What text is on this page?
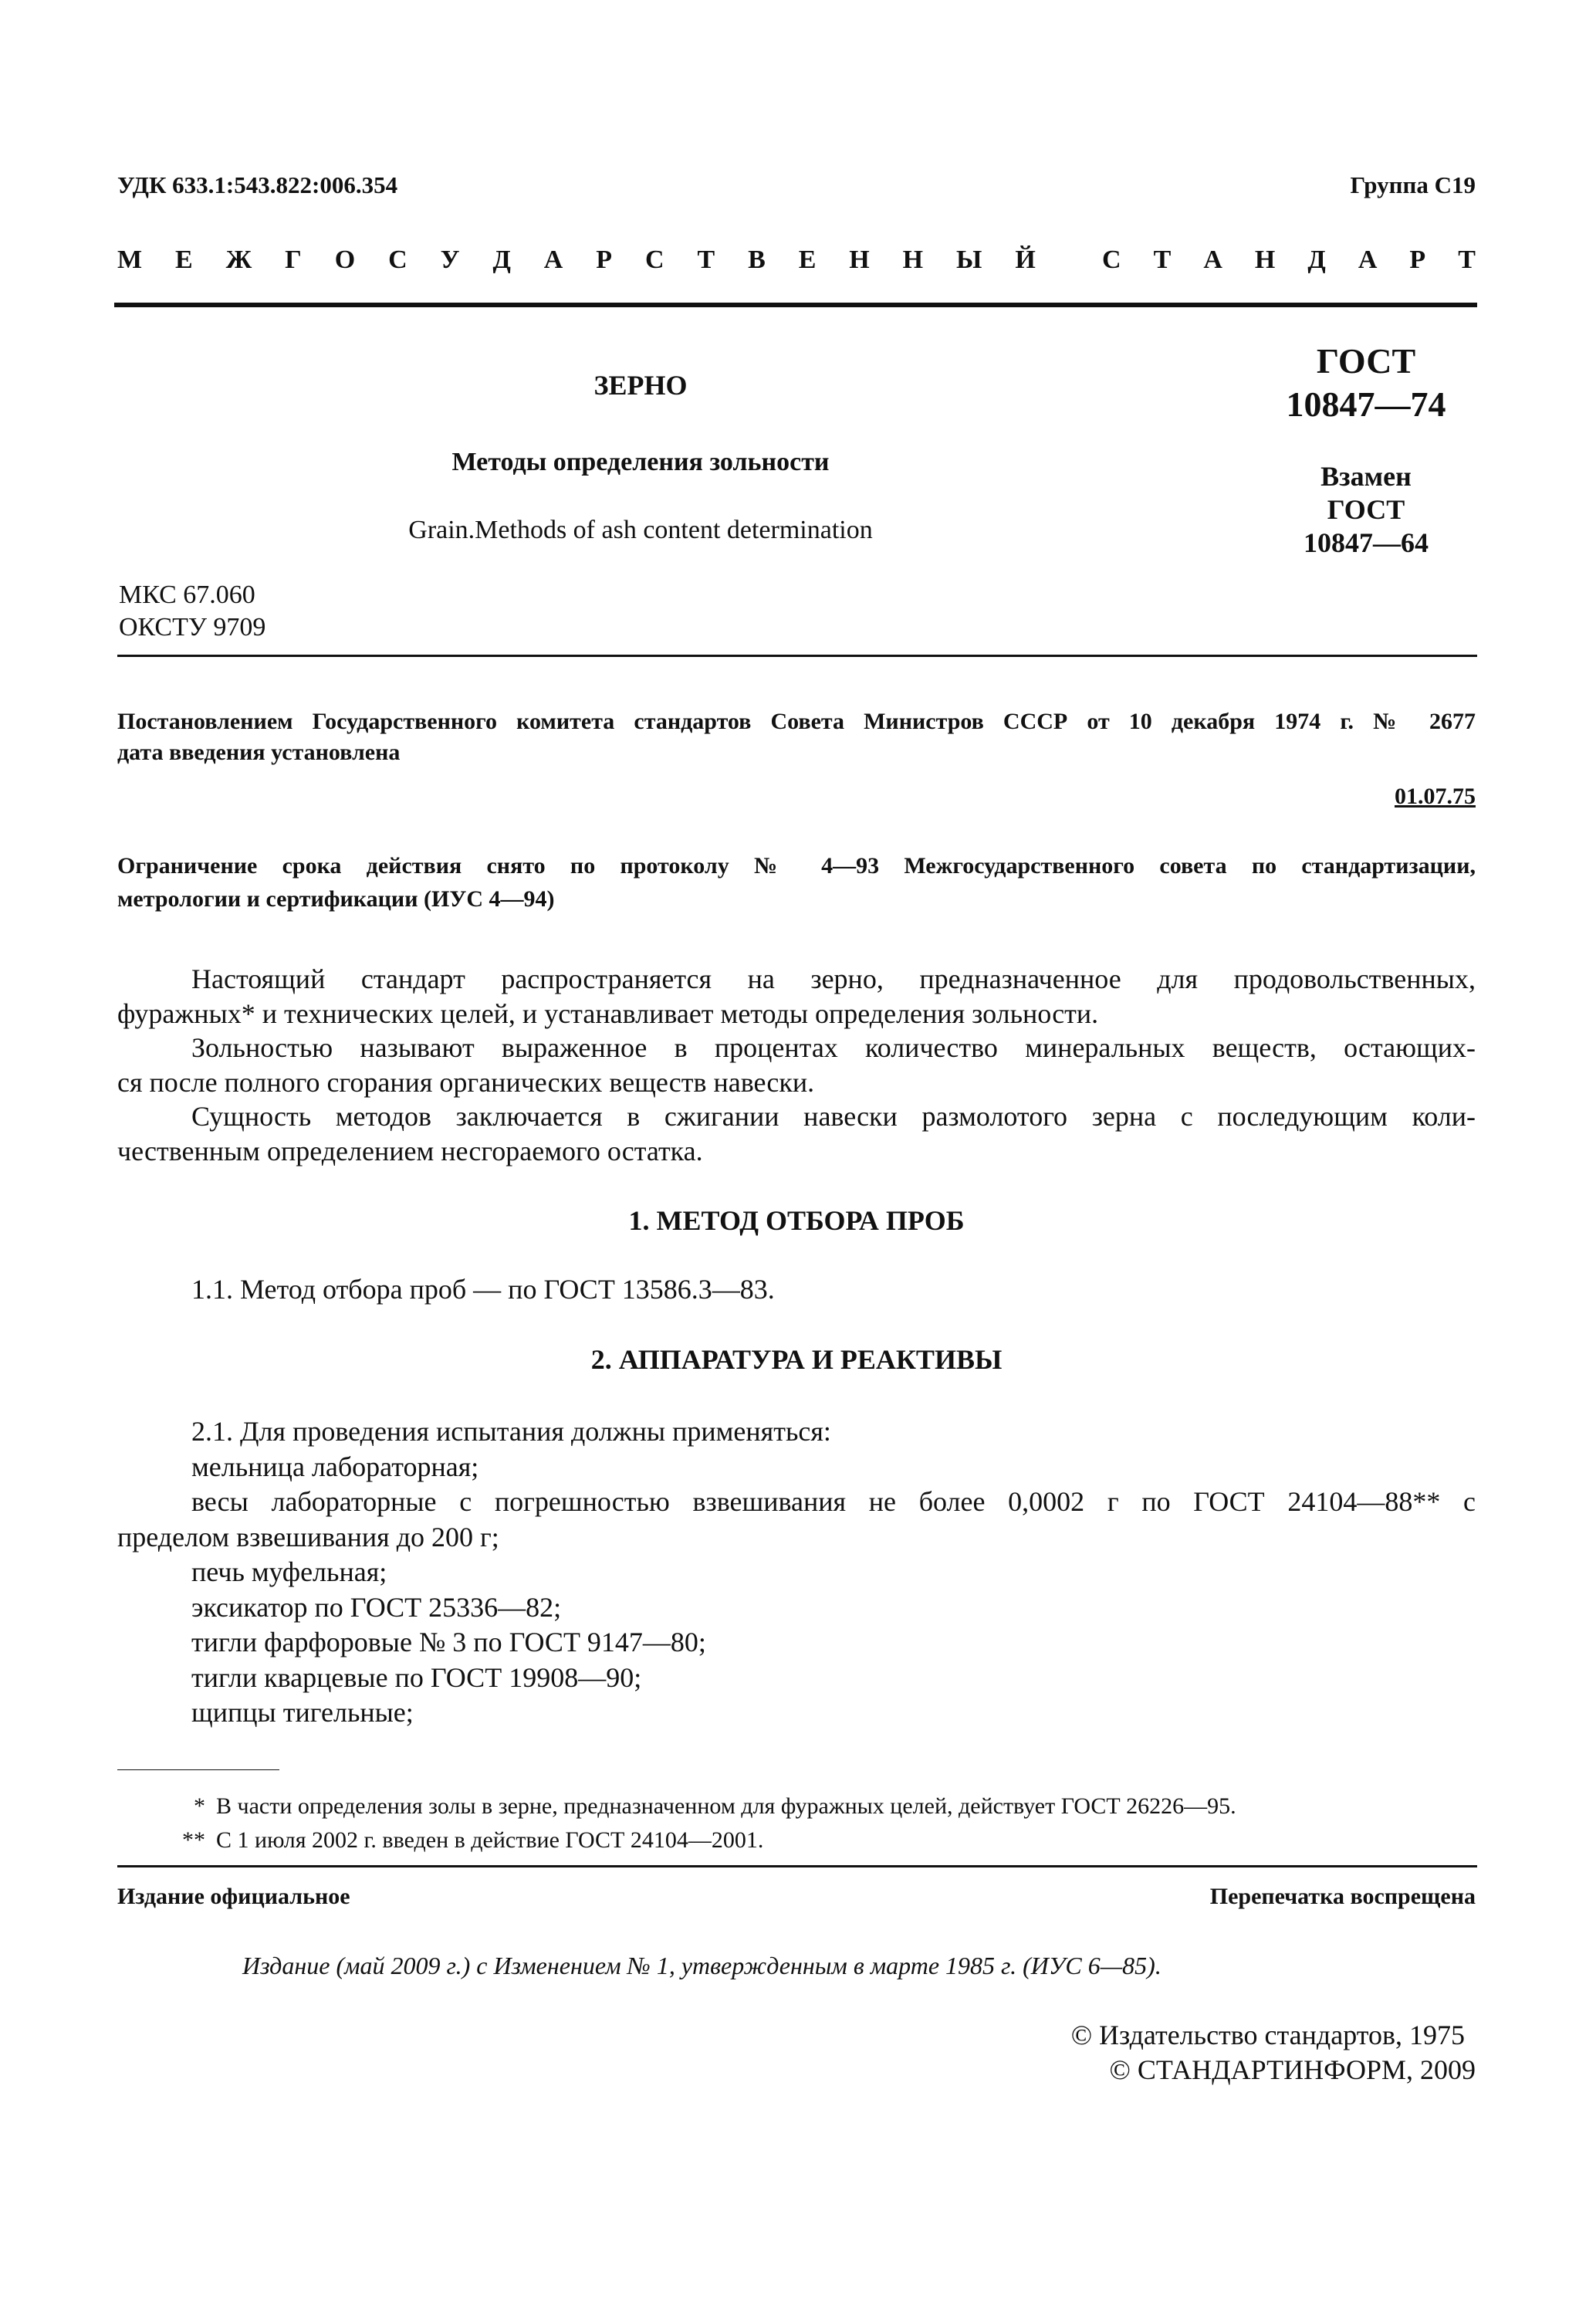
УДК 633.1:543.822:006.354	Группа С19
М Е Ж Г О С У Д А Р С Т В Е Н Н Ы Й	С Т А Н Д А Р Т
ЗЕРНО
Методы определения зольности
Grain.Methods of ash content determination
ГОСТ
10847—74
Взамен
ГОСТ
10847—64
МКС 67.060
ОКСТУ 9709
Постановлением Государственного комитета стандартов Совета Министров СССР от 10 декабря 1974 г. № 2677
дата введения установлена
01.07.75
Ограничение срока действия снято по протоколу № 4—93 Межгосударственного совета по стандартизации,
метрологии и сертификации (ИУС 4—94)
Настоящий стандарт распространяется на зерно, предназначенное для продовольственных,
фуражных* и технических целей, и устанавливает методы определения зольности.
Зольностью называют выраженное в процентах количество минеральных веществ, остающих-
ся после полного сгорания органических веществ навески.
Сущность методов заключается в сжигании навески размолотого зерна с последующим коли-
чественным определением несгораемого остатка.
1. МЕТОД ОТБОРА ПРОБ
1.1. Метод отбора проб — по ГОСТ 13586.3—83.
2. АППАРАТУРА И РЕАКТИВЫ
2.1. Для проведения испытания должны применяться:
мельница лабораторная;
весы лабораторные с погрешностью взвешивания не более 0,0002 г по ГОСТ 24104—88** с
пределом взвешивания до 200 г;
печь муфельная;
эксикатор по ГОСТ 25336—82;
тигли фарфоровые № 3 по ГОСТ 9147—80;
тигли кварцевые по ГОСТ 19908—90;
щипцы тигельные;
* В части определения золы в зерне, предназначенном для фуражных целей, действует ГОСТ 26226—95.
** С 1 июля 2002 г. введен в действие ГОСТ 24104—2001.
Издание официальное	Перепечатка воспрещена
Издание (май 2009 г.) с Изменением № 1, утвержденным в марте 1985 г. (ИУС 6—85).
© Издательство стандартов, 1975
© СТАНДАРТИНФОРМ, 2009
